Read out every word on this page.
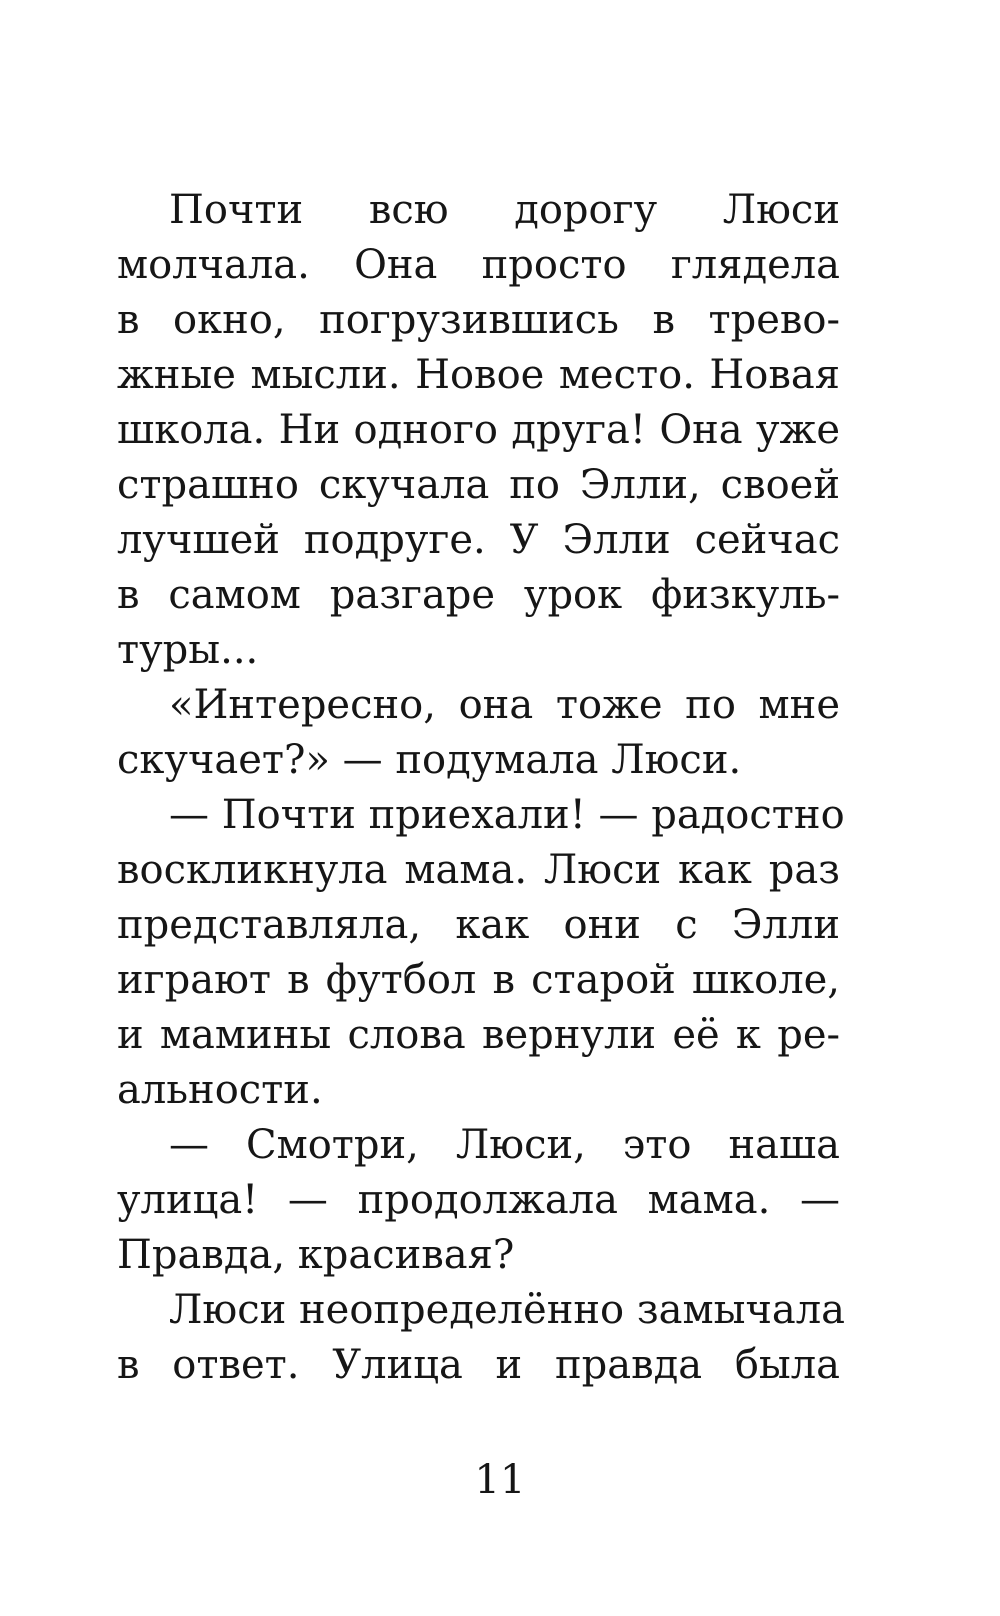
Почти всю дорогу Люси
молчала. Она просто глядела
в окно, погрузившись в трево-
жные мысли. Новое место. Новая
школа. Ни одного друга! Она уже
страшно скучала по Элли, своей
лучшей подруге. У Элли сейчас
в самом разгаре урок физкуль-
туры...
«Интересно, она тоже по мне
скучает?» — подумала Люси.
— Почти приехали! — радостно
воскликнула мама. Люси как раз
представляла, как они с Элли
играют в футбол в старой школе,
и мамины слова вернули её к ре-
альности.
— Смотри, Люси, это наша
улица! — продолжала мама. —
Правда, красивая?
Люси неопределённо замычала
в ответ. Улица и правда была
11
